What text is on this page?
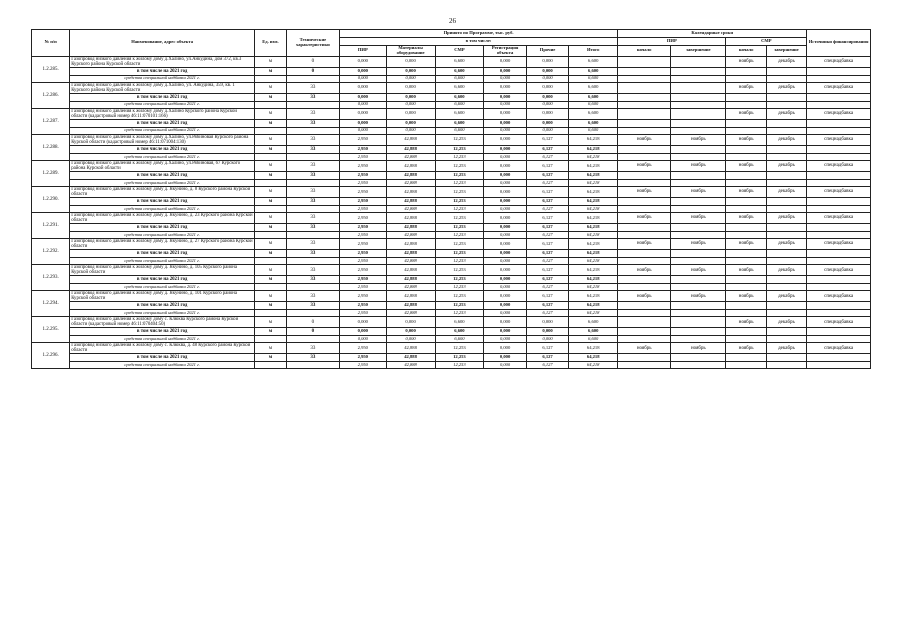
26
№ п/п	Наименование, адрес объекта	Ед. изм.	Технические характеристики	Принято по Программе, тыс. руб.						Календарные сроки				Источники финансирования
				в том числе:						ПИР		СМР		
				ПИР	Материалы оборудование	СМР	Регистрация объекта	Прочие	Итого	начало	завершение	начало	завершение	
1.2.285.	Газопровод низкого давления к жилому дому д.Халино, ул.Анкудина, дом 372, кв.3 Курского района Курской области	м	0	0,000	0,000	6,600	0,000	0,000	6,600			ноябрь	декабрь	спецнадбавка
	в том числе на 2021 год	м	0	0,000	0,000	6,600	0,000	0,000	6,600					
	средства специальной надбавки 2021 г.			0,000	0,000	6,600	0,000	0,000	6,600					
1.2.286.	Газопровод низкого давления к жилому дому д.Халино, ул. Анкудина, 359, кв. 1 Курского района Курской области	м	33	0,000	0,000	6,600	0,000	0,000	6,600			ноябрь	декабрь	спецнадбавка
	в том числе на 2021 год	м	33	0,000	0,000	6,600	0,000	0,000	6,600					
	средства специальной надбавки 2021 г.			0,000	0,000	6,600	0,000	0,000	6,600					
1.2.287.	Газопровод низкого давления к жилому дому д.Халино Курского района Курской области (кадастровый номер 46:11:070101:166)	м	33	0,000	0,000	6,600	0,000	0,000	6,600			ноябрь	декабрь	спецнадбавка
	в том числе на 2021 год	м	33	0,000	0,000	6,600	0,000	0,000	6,600					
	средства специальной надбавки 2021 г.			0,000	0,000	6,600	0,000	0,000	6,600					
1.2.288.	Газопровод низкого давления к жилому дому д.Халино, ул.Рябиновая Курского района Курской области (кадастровый номер 46:11:071004:130)	м	33	2,950	42,888	12,253	0,000	6,127	64,218	ноябрь	ноябрь	ноябрь	декабрь	спецнадбавка
	в том числе на 2021 год	м	33	2,950	42,888	12,253	0,000	6,127	64,218					
	средства специальной надбавки 2021 г.			2,950	42,888	12,253	0,000	6,127	64,218					
1.2.289.	Газопровод низкого давления к жилому дому д.Халино, ул.Рябиновая, 67 Курского района Курской области	м	33	2,950	42,888	12,253	0,000	6,127	64,218	ноябрь	ноябрь	ноябрь	декабрь	спецнадбавка
	в том числе на 2021 год	м	33	2,950	42,888	12,253	0,000	6,127	64,218					
	средства специальной надбавки 2021 г.			2,950	42,888	12,253	0,000	6,127	64,218					
1.2.290.	Газопровод низкого давления к жилому дому д. Якунино, д. 8 Курского района Курской области	м	33	2,950	42,888	12,253	0,000	6,127	64,218	ноябрь	ноябрь	ноябрь	декабрь	спецнадбавка
	в том числе на 2021 год	м	33	2,950	42,888	12,253	0,000	6,127	64,218					
	средства специальной надбавки 2021 г.			2,950	42,888	12,253	0,000	6,127	64,218					
1.2.291.	Газопровод низкого давления к жилому дому д. Якунино, д. 23 Курского района Курской области	м	33	2,950	42,888	12,253	0,000	6,127	64,218	ноябрь	ноябрь	ноябрь	декабрь	спецнадбавка
	в том числе на 2021 год	м	33	2,950	42,888	12,253	0,000	6,127	64,218					
	средства специальной надбавки 2021 г.			2,950	42,888	12,253	0,000	6,127	64,218					
1.2.292.	Газопровод низкого давления к жилому дому д. Якунино, д. 27 Курского района Курской области	м	33	2,950	42,888	12,253	0,000	6,127	64,218	ноябрь	ноябрь	ноябрь	декабрь	спецнадбавка
	в том числе на 2021 год	м	33	2,950	42,888	12,253	0,000	6,127	64,218					
	средства специальной надбавки 2021 г.			2,950	42,888	12,253	0,000	6,127	64,218					
1.2.293.	Газопровод низкого давления к жилому дому д. Якунино, д. 105 Курского района Курской области	м	33	2,950	42,888	12,253	0,000	6,127	64,218	ноябрь	ноябрь	ноябрь	декабрь	спецнадбавка
	в том числе на 2021 год	м	33	2,950	42,888	12,253	0,000	6,127	64,218					
	средства специальной надбавки 2021 г.			2,950	42,888	12,253	0,000	6,127	64,218					
1.2.294.	Газопровод низкого давления к жилому дому д. Якунино, д. 101 Курского района Курской области	м	33	2,950	42,888	12,253	0,000	6,127	64,218	ноябрь	ноябрь	ноябрь	декабрь	спецнадбавка
	в том числе на 2021 год	м	33	2,950	42,888	12,253	0,000	6,127	64,218					
	средства специальной надбавки 2021 г.			2,950	42,888	12,253	0,000	6,127	64,218					
1.2.295.	Газопровод низкого давления к жилому дому с. Клюква Курского района Курской области (кадастровый номер 46:11:070404:50)	м	0	0,000	0,000	6,600	0,000	0,000	6,600			ноябрь	декабрь	спецнадбавка
	в том числе на 2021 год	м	0	0,000	0,000	6,600	0,000	0,000	6,600					
	средства специальной надбавки 2021 г.			0,000	0,000	6,600	0,000	0,000	6,600					
1.2.296.	Газопровод низкого давления к жилому дому с. Клюква, д. 48 Курского района Курской области	м	33	2,950	42,888	12,253	0,000	6,127	64,218	ноябрь	ноябрь	ноябрь	декабрь	спецнадбавка
	в том числе на 2021 год	м	33	2,950	42,888	12,253	0,000	6,127	64,218					
	средства специальной надбавки 2021 г.			2,950	42,888	12,253	0,000	6,127	64,218					
